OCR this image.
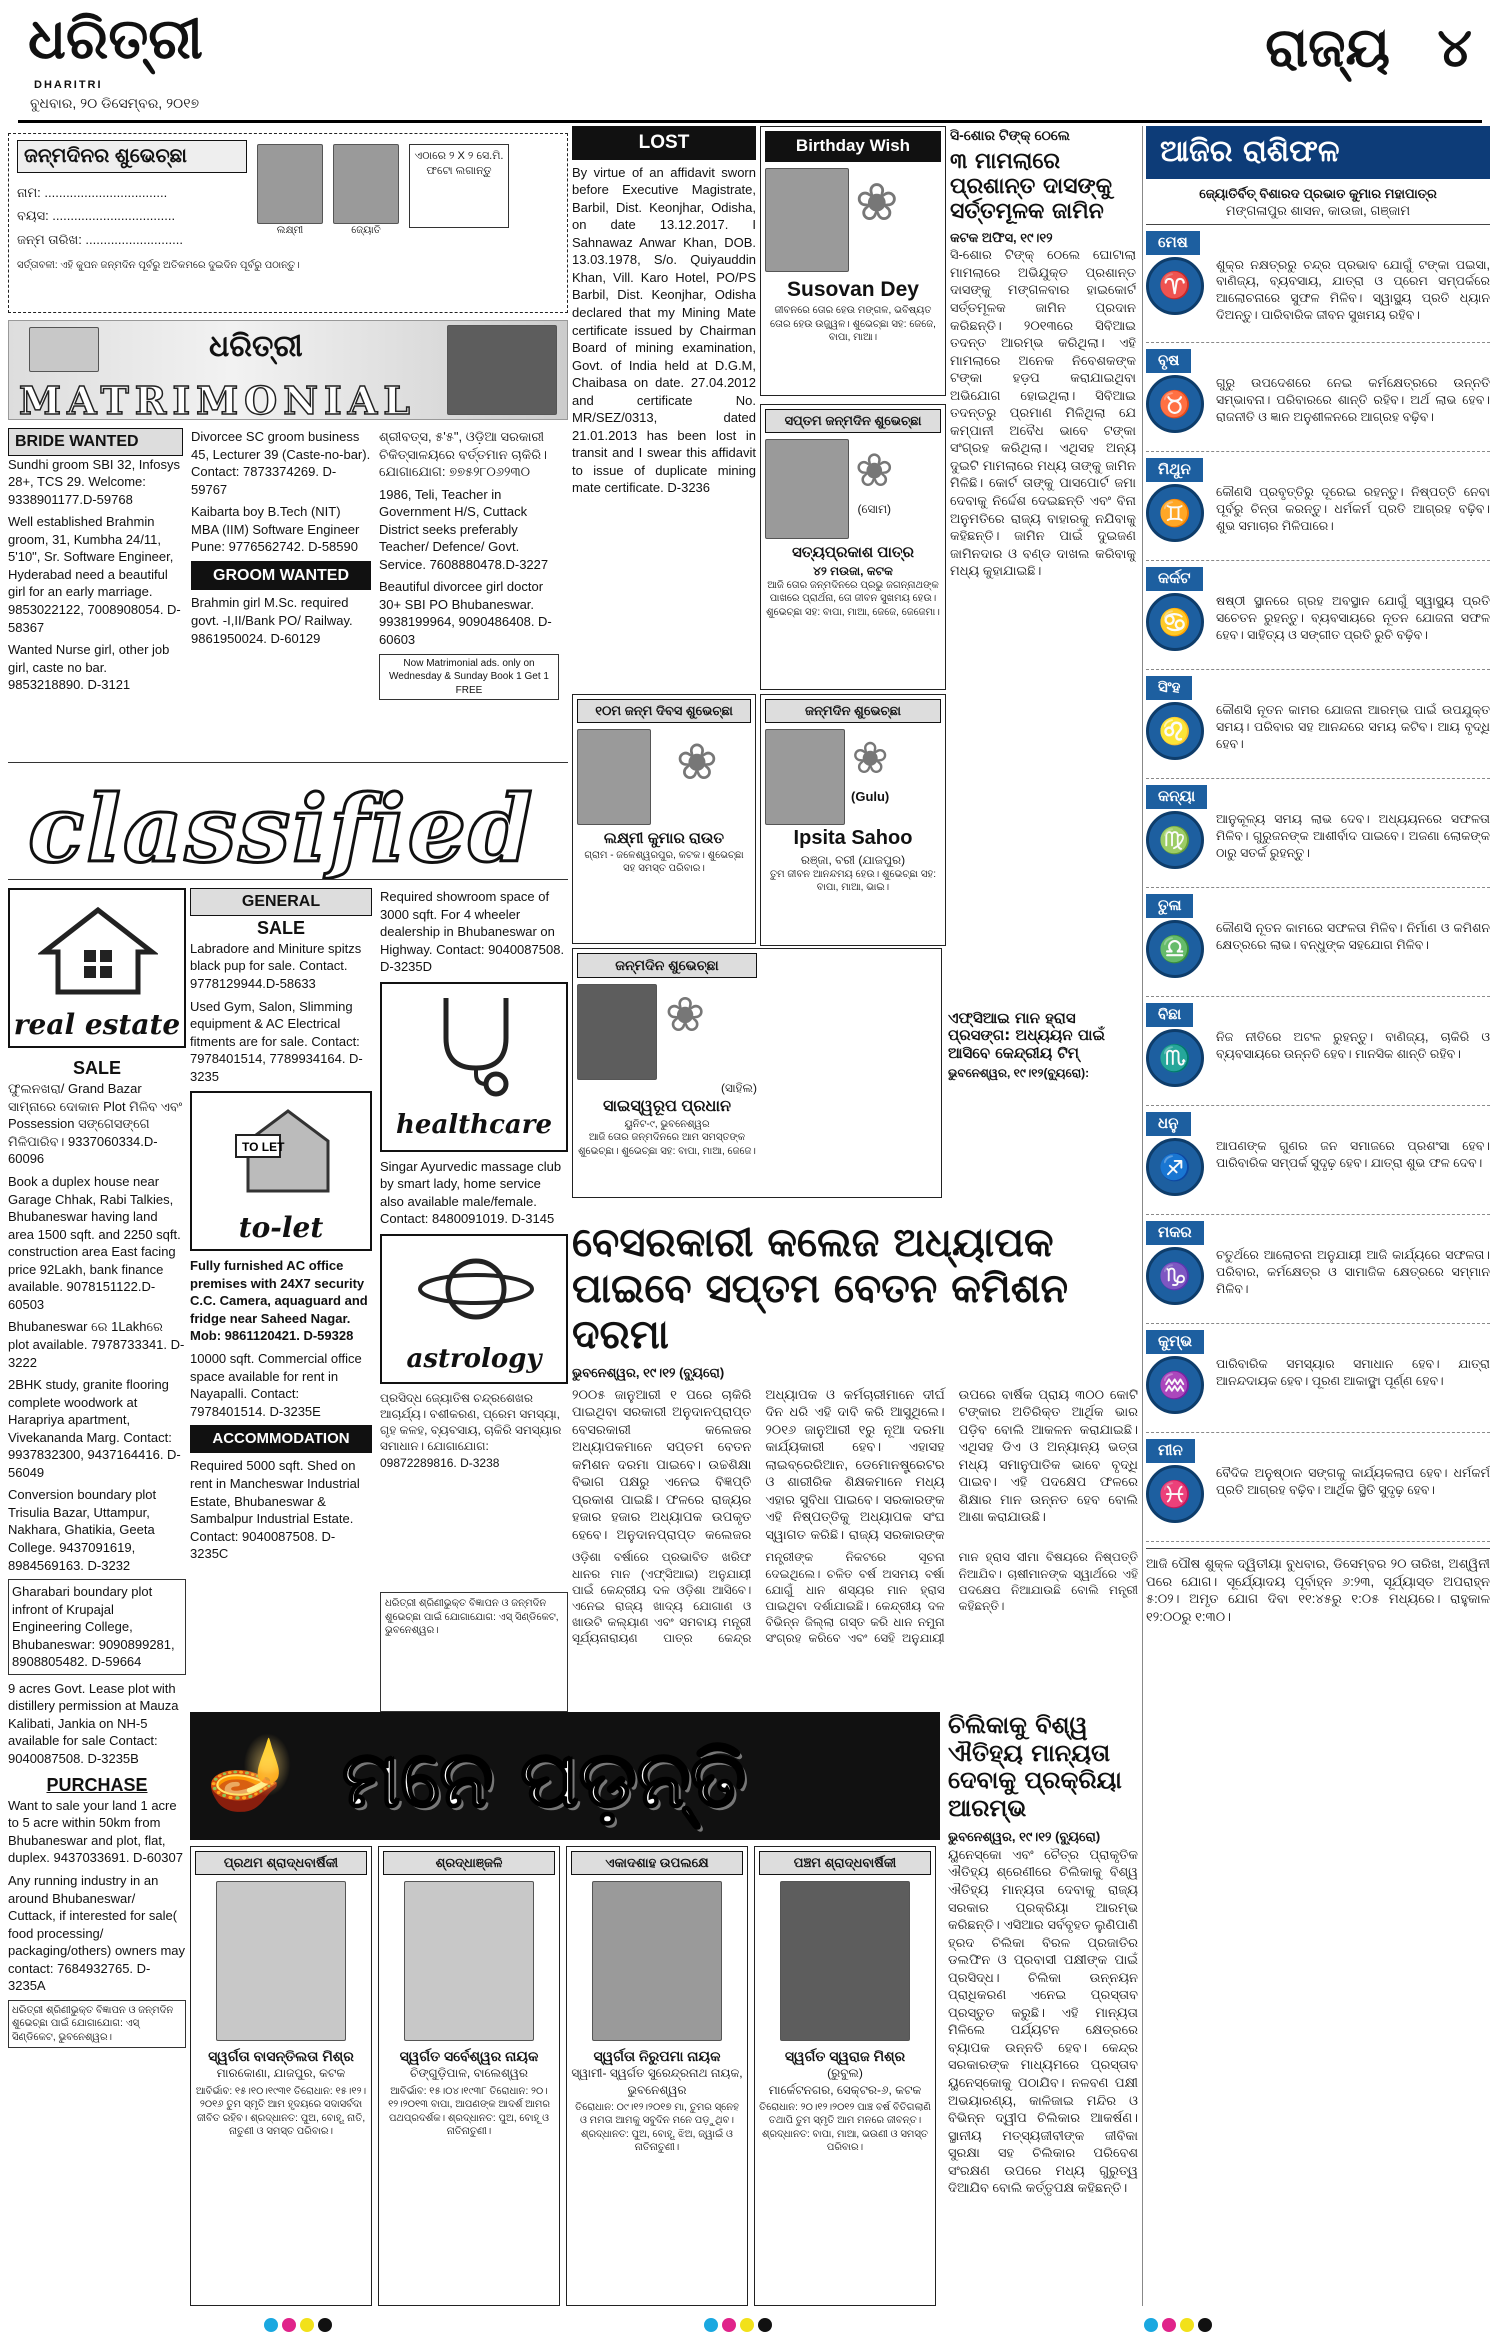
ଧରିତ୍ରୀ
DHARITRI
ବୁଧବାର, ୨୦ ଡିସେମ୍ବର, ୨୦୧୭
ରାଜ୍ୟ ୪
ଜନ୍ମଦିନର ଶୁଭେଚ୍ଛା
ନାମ: ..................................
ବୟସ: ..................................
ଜନ୍ମ ତାରିଖ: ...........................
ଲକ୍ଷ୍ମୀ	ଜ୍ୟୋତି
ଏଠାରେ ୨ X ୨ ସେ.ମି. ଫଟୋ ଲଗାନ୍ତୁ
ସର୍ତ୍ତାବଳୀ: ଏହି କୁପନ ଜନ୍ମଦିନ ପୂର୍ବରୁ ଅତିକମରେ ଦୁଇଦିନ ପୂର୍ବରୁ ପଠାନ୍ତୁ।
ଧରିତ୍ରୀ
MATRIMONIAL
BRIDE WANTED

Sundhi groom SBI 32, Infosys 28+, TCS 29. Welcome: 9338901177.D-59768

Well established Brahmin groom, 31, Kumbha 24/11, 5'10", Sr. Software Engineer, Hyderabad need a beautiful girl for an early marriage. 9853022122, 7008908054. D-58367

Wanted Nurse girl, other job girl, caste no bar. 9853218890. D-3121

Divorcee SC groom business 45, Lecturer 39 (Caste-no-bar). Contact: 7873374269. D-59767

Kaibarta boy B.Tech (NIT) MBA (IIM) Software Engineer Pune: 9776562742. D-58590

GROOM WANTED

Brahmin girl M.Sc. required govt. -I,II/Bank PO/ Railway. 9861950024. D-60129

ଶ୍ରୀବତ୍ସ, ୫'୫", ଓଡ଼ିଆ ସରକାରୀ ଚିକିତ୍ସାଳୟରେ ବର୍ତ୍ତମାନ ଚାକିରି। ଯୋଗାଯୋଗ: ୭୭୫୨୮୦୬୨୩୦

1986, Teli, Teacher in Government H/S, Cuttack District seeks preferably Teacher/ Defence/ Govt. Service. 7608880478.D-3227

Beautiful divorcee girl doctor 30+ SBI PO Bhubaneswar. 9938199964, 9090486408. D-60603

Now Matrimonial ads. only on Wednesday & Sunday Book 1 Get 1 FREE
classified
real estate
SALE

ଫୁଲନଖରା/ Grand Bazar ସାମ୍ନାରେ ଦୋକାନ Plot ମିଳିବ ଏବଂ Possession ସଙ୍ଗେସଙ୍ଗେ ମିଳିପାରିବ। 9337060334.D-60096

Book a duplex house near Garage Chhak, Rabi Talkies, Bhubaneswar having land area 1500 sqft. and 2250 sqft. construction area East facing price 92Lakh, bank finance available. 9078151122.D-60503

Bhubaneswar ରେ 1Lakhରେ plot available. 7978733341. D-3222

2BHK study, granite flooring complete woodwork at Harapriya apartment, Vivekananda Marg. Contact: 9937832300, 9437164416. D-56049

Conversion boundary plot Trisulia Bazar, Uttampur, Nakhara, Ghatikia, Geeta College. 9437091619, 8984569163. D-3232

Gharabari boundary plot infront of Krupajal Engineering College, Bhubaneswar: 9090899281, 8908805482. D-59664

9 acres Govt. Lease plot with distillery permission at Mauza Kalibati, Jankia on NH-5 available for sale Contact: 9040087508. D-3235B

PURCHASE

Want to sale your land 1 acre to 5 acre within 50km from Bhubaneswar and plot, flat, duplex. 9437033691. D-60307

Any running industry in an around Bhubaneswar/ Cuttack, if interested for sale( food processing/ packaging/others) owners may contact: 7684932765. D-3235A

ଧରିତ୍ରୀ ଶ୍ରିଣୀଭୁକ୍ତ ବିଜ୍ଞାପନ ଓ ଜନ୍ମଦିନ ଶୁଭେଚ୍ଛା ପାଇଁ ଯୋଗାଯୋଗ: ଏସ୍ ସିଣ୍ଡିକେଟ, ଭୁବନେଶ୍ୱର।
GENERAL
SALE

Labradore and Miniture spitzs black pup for sale. Contact. 9778129944.D-58633

Used Gym, Salon, Slimming equipment & AC Electrical fitments are for sale. Contact: 7978401514, 7789934164. D-3235

TO LET
to-let

Fully furnished AC office premises with 24X7 security C.C. Camera, aquaguard and fridge near Saheed Nagar. Mob: 9861120421. D-59328

10000 sqft. Commercial office space available for rent in Nayapalli. Contact: 7978401514. D-3235E

ACCOMMODATION

Required 5000 sqft. Shed on rent in Mancheswar Industrial Estate, Bhubaneswar & Sambalpur Industrial Estate. Contact: 9040087508. D-3235C

Required showroom space of 3000 sqft. For 4 wheeler dealership in Bhubaneswar on Highway. Contact: 9040087508. D-3235D

healthcare

Singar Ayurvedic massage club by smart lady, home service also available male/female. Contact: 8480091019. D-3145

astrology

ପ୍ରସିଦ୍ଧ ଜ୍ୟୋତିଷ ଚନ୍ଦ୍ରଶେଖର ଆଚାର୍ଯ୍ୟ। ବଶୀକରଣ, ପ୍ରେମ ସମସ୍ୟା, ଗୃହ କଳହ, ବ୍ୟବସାୟ, ଚାକିରି ସମସ୍ୟାର ସମାଧାନ। ଯୋଗାଯୋଗ: 09872289816. D-3238

ଧରିତ୍ରୀ ଶ୍ରିଣୀଭୁକ୍ତ ବିଜ୍ଞାପନ ଓ ଜନ୍ମଦିନ ଶୁଭେଚ୍ଛା ପାଇଁ ଯୋଗାଯୋଗ: ଏସ୍ ସିଣ୍ଡିକେଟ, ଭୁବନେଶ୍ୱର।
LOST
By virtue of an affidavit sworn before Executive Magistrate, Barbil, Dist. Keonjhar, Odisha, on date 13.12.2017. I Sahnawaz Anwar Khan, DOB. 13.03.1978, S/o. Quiyauddin Khan, Vill. Karo Hotel, PO/PS Barbil, Dist. Keonjhar, Odisha declared that my Mining Mate certificate issued by Chairman Board of mining examination, Govt. of India held at D.G.M, Chaibasa on date. 27.04.2012 and certificate No. MR/SEZ/0313, dated 21.01.2013 has been lost in transit and I swear this affidavit to issue of duplicate mining mate certificate. D-3236
୧୦ମ ଜନ୍ମ ଦିବସ ଶୁଭେଚ୍ଛା
❀
ଲକ୍ଷ୍ମୀ କୁମାର ରାଉତ
ଗ୍ରାମ - ଜଳେଶ୍ୱରପୁର, କଟକ। ଶୁଭେଚ୍ଛା ସହ ସମସ୍ତ ପରିବାର।
ଜନ୍ମଦିନ ଶୁଭେଚ୍ଛା
❀
(ସାହିଲ)
ସାଇସ୍ୱରୂପ ପ୍ରଧାନ
ୟୁନିଟ-୯, ଭୁବନେଶ୍ୱର
ଆଜି ତୋର ଜନ୍ମଦିନରେ ଆମ ସମସ୍ତଙ୍କ ଶୁଭେଚ୍ଛା। ଶୁଭେଚ୍ଛା ସହ: ବାପା, ମାଆ, ଜେଜେ।
Birthday Wish
❀
Susovan Dey
ଜୀବନରେ ତୋର ହେଉ ମଙ୍ଗଳ, ଭବିଷ୍ୟତ ତୋର ହେଉ ଉଜ୍ଜ୍ୱଳ। ଶୁଭେଚ୍ଛା ସହ: ଜେଜେ, ବାପା, ମାଆ।
ସପ୍ତମ ଜନ୍ମଦିନ ଶୁଭେଚ୍ଛା
❀
(ସୋମ)
ସତ୍ୟପ୍ରକାଶ ପାତ୍ର
୪୨ ମଉଜା, କଟକ
ଆଜି ତୋର ଜନ୍ମଦିନରେ ପ୍ରଭୁ ଜଗନ୍ନାଥଙ୍କ ପାଖରେ ପ୍ରାର୍ଥନା, ତୋ ଜୀବନ ସୁଖମୟ ହେଉ। ଶୁଭେଚ୍ଛା ସହ: ବାପା, ମାଆ, ଜେଜେ, ଜେଜେମା।
ଜନ୍ମଦିନ ଶୁଭେଚ୍ଛା
❀
(Gulu)
Ipsita Sahoo
ରଞ୍ଜା, ବରୀ (ଯାଜପୁର)
ତୁମ ଜୀବନ ଆନନ୍ଦମୟ ହେଉ। ଶୁଭେଚ୍ଛା ସହ: ବାପା, ମାଆ, ଭାଇ।
ସି-ଶୋର ଟିଙ୍କ୍ ଠେଲେ
୩ ମାମଲାରେ ପ୍ରଶାନ୍ତ ଦାସଙ୍କୁ ସର୍ତ୍ତମୂଳକ ଜାମିନ
କଟକ ଅଫିସ, ୧୯।୧୨
ସି-ଶୋର ଟିଙ୍କ୍ ଠେଲେ ଘୋଟାଲା ମାମଲାରେ ଅଭିଯୁକ୍ତ ପ୍ରଶାନ୍ତ ଦାସଙ୍କୁ ମଙ୍ଗଳବାର ହାଇକୋର୍ଟ ସର୍ତ୍ତମୂଳକ ଜାମିନ ପ୍ରଦାନ କରିଛନ୍ତି। ୨୦୧୩ରେ ସିବିଆଇ ତଦନ୍ତ ଆରମ୍ଭ କରିଥିଲା। ଏହି ମାମଲାରେ ଅନେକ ନିବେଶକଙ୍କ ଟଙ୍କା ହଡ଼ପ କରାଯାଇଥିବା ଅଭିଯୋଗ ହୋଇଥିଲା। ସିବିଆଇ ତଦନ୍ତରୁ ପ୍ରମାଣ ମିଳିଥିଲା ଯେ କମ୍ପାନୀ ଅବୈଧ ଭାବେ ଟଙ୍କା ସଂଗ୍ରହ କରିଥିଲା। ଏଥିସହ ଅନ୍ୟ ଦୁଇଟି ମାମଲାରେ ମଧ୍ୟ ତାଙ୍କୁ ଜାମିନ ମିଳିଛି। କୋର୍ଟ ତାଙ୍କୁ ପାସପୋର୍ଟ ଜମା ଦେବାକୁ ନିର୍ଦ୍ଦେଶ ଦେଇଛନ୍ତି ଏବଂ ବିନା ଅନୁମତିରେ ରାଜ୍ୟ ବାହାରକୁ ନଯିବାକୁ କହିଛନ୍ତି। ଜାମିନ ପାଇଁ ଦୁଇଜଣ ଜାମିନଦାର ଓ ବଣ୍ଡ ଦାଖଲ କରିବାକୁ ମଧ୍ୟ କୁହାଯାଇଛି।
ଏଫ୍‌ସିଆଇ ମାନ ହ୍ରାସ ପ୍ରସଙ୍ଗ: ଅଧ୍ୟୟନ ପାଇଁ ଆସିବେ କେନ୍ଦ୍ରୀୟ ଟିମ୍
ଭୁବନେଶ୍ୱର, ୧୯।୧୨(ବ୍ୟୁରୋ):
ବେସରକାରୀ କଲେଜ ଅଧ୍ୟାପକ
ପାଇବେ ସପ୍ତମ ବେତନ କମିଶନ ଦରମା
ଭୁବନେଶ୍ୱର, ୧୯।୧୨ (ବ୍ୟୁରୋ)
୨୦୦୫ ଜାନୁଆରୀ ୧ ପରେ ଚାକିରି ପାଇଥିବା ସରକାରୀ ଅନୁଦାନପ୍ରାପ୍ତ ବେସରକାରୀ କଲେଜର ଅଧ୍ୟାପକମାନେ ସପ୍ତମ ବେତନ କମିଶନ ଦରମା ପାଇବେ। ଉଚ୍ଚଶିକ୍ଷା ବିଭାଗ ପକ୍ଷରୁ ଏନେଇ ବିଜ୍ଞପ୍ତି ପ୍ରକାଶ ପାଇଛି। ଫଳରେ ରାଜ୍ୟର ହଜାର ହଜାର ଅଧ୍ୟାପକ ଉପକୃତ ହେବେ। ଅନୁଦାନପ୍ରାପ୍ତ କଲେଜର ଅଧ୍ୟାପକ ଓ କର୍ମଚାରୀମାନେ ଦୀର୍ଘ ଦିନ ଧରି ଏହି ଦାବି କରି ଆସୁଥିଲେ। ୨୦୧୬ ଜାନୁଆରୀ ୧ରୁ ନୂଆ ଦରମା କାର୍ଯ୍ୟକାରୀ ହେବ। ଏହାସହ ଲାଇବ୍ରେରିଆନ, ଡେମୋନଷ୍ଟ୍ରେଟର ଓ ଶାରୀରିକ ଶିକ୍ଷକମାନେ ମଧ୍ୟ ଏହାର ସୁବିଧା ପାଇବେ। ସରକାରଙ୍କ ଏହି ନିଷ୍ପତ୍ତିକୁ ଅଧ୍ୟାପକ ସଂଘ ସ୍ୱାଗତ କରିଛି। ରାଜ୍ୟ ସରକାରଙ୍କ ଉପରେ ବାର୍ଷିକ ପ୍ରାୟ ୩୦୦ କୋଟି ଟଙ୍କାର ଅତିରିକ୍ତ ଆର୍ଥିକ ଭାର ପଡ଼ିବ ବୋଲି ଆକଳନ କରାଯାଇଛି। ଏଥିସହ ଡିଏ ଓ ଅନ୍ୟାନ୍ୟ ଭତ୍ତା ମଧ୍ୟ ସମାନୁପାତିକ ଭାବେ ବୃଦ୍ଧି ପାଇବ। ଏହି ପଦକ୍ଷେପ ଫଳରେ ଶିକ୍ଷାର ମାନ ଉନ୍ନତ ହେବ ବୋଲି ଆଶା କରାଯାଉଛି।
ଓଡ଼ିଶା ବର୍ଷାରେ ପ୍ରଭାବିତ ଖରିଫ ଧାନର ମାନ (ଏଫ୍‌ସିଆଇ) ଅନୁଯାୟୀ ପାଇଁ କେନ୍ଦ୍ରୀୟ ଦଳ ଓଡ଼ିଶା ଆସିବେ। ଏନେଇ ରାଜ୍ୟ ଖାଦ୍ୟ ଯୋଗାଣ ଓ ଖାଉଟି କଲ୍ୟାଣ ଏବଂ ସମବାୟ ମନ୍ତ୍ରୀ ସୂର୍ଯ୍ୟନାରାୟଣ ପାତ୍ର କେନ୍ଦ୍ର ମନ୍ତ୍ରୀଙ୍କ ନିକଟରେ ସୂଚନା ଦେଇଥିଲେ। ଚଳିତ ବର୍ଷ ଅସମୟ ବର୍ଷା ଯୋଗୁଁ ଧାନ ଶସ୍ୟର ମାନ ହ୍ରାସ ପାଇଥିବା ଦର୍ଶାଯାଇଛି। କେନ୍ଦ୍ରୀୟ ଦଳ ବିଭିନ୍ନ ଜିଲ୍ଲା ଗସ୍ତ କରି ଧାନ ନମୁନା ସଂଗ୍ରହ କରିବେ ଏବଂ ସେହି ଅନୁଯାୟୀ ମାନ ହ୍ରାସ ସୀମା ବିଷୟରେ ନିଷ୍ପତ୍ତି ନିଆଯିବ। ଚାଷୀମାନଙ୍କ ସ୍ୱାର୍ଥରେ ଏହି ପଦକ୍ଷେପ ନିଆଯାଉଛି ବୋଲି ମନ୍ତ୍ରୀ କହିଛନ୍ତି।
🪔 ମନେ ପଡ଼ନ୍ତି
ପ୍ରଥମ ଶ୍ରାଦ୍ଧବାର୍ଷିକୀ
ସ୍ୱର୍ଗତା ବାସନ୍ତିଲତା ମିଶ୍ର
ମାରକୋଣା, ଯାଜପୁର, କଟକ
ଆବିର୍ଭାବ: ୧୫।୧୦।୧୯୩୧ ତିରୋଧାନ: ୧୫।୧୨।୨୦୧୬ ତୁମ ସ୍ମୃତି ଆମ ହୃଦୟରେ ସଦାସର୍ବଦା ଜୀବିତ ରହିବ। ଶ୍ରଦ୍ଧାନତ: ପୁଅ, ବୋହୂ, ନାତି, ନାତୁଣୀ ଓ ସମସ୍ତ ପରିବାର।
ଶ୍ରଦ୍ଧାଞ୍ଜଳି
ସ୍ୱର୍ଗତ ସର୍ବେଶ୍ୱର ନାୟକ
ଚିଙ୍ଗୁଡ଼ିପାଳ, ବାଲେଶ୍ୱର
ଆବିର୍ଭାବ: ୧୫।୦୪।୧୯୩୮ ତିରୋଧାନ: ୨୦।୧୨।୨୦୧୩ ବାପା, ଆପଣଙ୍କ ଆଦର୍ଶ ଆମର ପଥପ୍ରଦର୍ଶକ। ଶ୍ରଦ୍ଧାନତ: ପୁଅ, ବୋହୂ ଓ ନାତିନାତୁଣୀ।
ଏକାଦଶାହ ଉପଲକ୍ଷେ
ସ୍ୱର୍ଗତା ନିରୁପମା ନାୟକ
ସ୍ୱାମୀ- ସ୍ୱର୍ଗତ ସୁରେନ୍ଦ୍ରନାଥ ନାୟକ, ଭୁବନେଶ୍ୱର
ତିରୋଧାନ: ୦୯।୧୨।୨୦୧୭ ମା, ତୁମର ସ୍ନେହ ଓ ମମତା ଆମକୁ ସବୁଦିନ ମନେ ପଡ଼ୁଥିବ। ଶ୍ରଦ୍ଧାନତ: ପୁଅ, ବୋହୂ, ଝିଅ, ଜ୍ୱାଇଁ ଓ ନାତିନାତୁଣୀ।
ପଞ୍ଚମ ଶ୍ରାଦ୍ଧବାର୍ଷିକୀ
ସ୍ୱର୍ଗତ ସ୍ୱରାଜ ମିଶ୍ର
(ରୁବୁଲ)
ମାର୍କେଟନଗର, ସେକ୍ଟର-୬, କଟକ
ତିରୋଧାନ: ୨୦।୧୨।୨୦୧୨ ପାଞ୍ଚ ବର୍ଷ ବିତିଗଲାଣି ତଥାପି ତୁମ ସ୍ମୃତି ଆମ ମନରେ ଜୀବନ୍ତ। ଶ୍ରଦ୍ଧାନତ: ବାପା, ମାଆ, ଭଉଣୀ ଓ ସମସ୍ତ ପରିବାର।
ଚିଲିକାକୁ ବିଶ୍ୱ ଐତିହ୍ୟ ମାନ୍ୟତା ଦେବାକୁ ପ୍ରକ୍ରିୟା ଆରମ୍ଭ
ଭୁବନେଶ୍ୱର, ୧୯।୧୨ (ବ୍ୟୁରୋ)
ୟୁନେସ୍କୋ ଏବଂ ଚୈତ୍ର ପ୍ରାକୃତିକ ଐତିହ୍ୟ ଶ୍ରେଣୀରେ ଚିଲିକାକୁ ବିଶ୍ୱ ଐତିହ୍ୟ ମାନ୍ୟତା ଦେବାକୁ ରାଜ୍ୟ ସରକାର ପ୍ରକ୍ରିୟା ଆରମ୍ଭ କରିଛନ୍ତି। ଏସିଆର ସର୍ବବୃହତ ଲୁଣିପାଣି ହ୍ରଦ ଚିଲିକା ବିରଳ ପ୍ରଜାତିର ଡଲଫିନ ଓ ପ୍ରବାସୀ ପକ୍ଷୀଙ୍କ ପାଇଁ ପ୍ରସିଦ୍ଧ। ଚିଲିକା ଉନ୍ନୟନ ପ୍ରାଧିକରଣ ଏନେଇ ପ୍ରସ୍ତାବ ପ୍ରସ୍ତୁତ କରୁଛି। ଏହି ମାନ୍ୟତା ମିଳିଲେ ପର୍ଯ୍ୟଟନ କ୍ଷେତ୍ରରେ ବ୍ୟାପକ ଉନ୍ନତି ହେବ। କେନ୍ଦ୍ର ସରକାରଙ୍କ ମାଧ୍ୟମରେ ପ୍ରସ୍ତାବ ୟୁନେସ୍କୋକୁ ପଠାଯିବ। ନଳବଣ ପକ୍ଷୀ ଅଭୟାରଣ୍ୟ, କାଳିଜାଇ ମନ୍ଦିର ଓ ବିଭିନ୍ନ ଦ୍ୱୀପ ଚିଲିକାର ଆକର୍ଷଣ। ସ୍ଥାନୀୟ ମତ୍ସ୍ୟଜୀବୀଙ୍କ ଜୀବିକା ସୁରକ୍ଷା ସହ ଚିଲିକାର ପରିବେଶ ସଂରକ୍ଷଣ ଉପରେ ମଧ୍ୟ ଗୁରୁତ୍ୱ ଦିଆଯିବ ବୋଲି କର୍ତ୍ତୃପକ୍ଷ କହିଛନ୍ତି।
ଆଜିର ରାଶିଫଳ
ଜ୍ୟୋତିର୍ବିତ୍ ବିଶାରଦ ପ୍ରଭାତ କୁମାର ମହାପାତ୍ର
ମଙ୍ଗଳାପୁର ଶାସନ, କାଉଜା, ଗଞ୍ଜାମ
ମେଷ
♈
ଶୁକ୍ର ନକ୍ଷତ୍ରରୁ ଚନ୍ଦ୍ର ପ୍ରଭାବ ଯୋଗୁଁ ଟଙ୍କା ପଇସା, ବାଣିଜ୍ୟ, ବ୍ୟବସାୟ, ଯାତ୍ରା ଓ ପ୍ରେମ ସମ୍ପର୍କରେ ଆଲୋଚନାରେ ସୁଫଳ ମିଳିବ। ସ୍ୱାସ୍ଥ୍ୟ ପ୍ରତି ଧ୍ୟାନ ଦିଅନ୍ତୁ। ପାରିବାରିକ ଜୀବନ ସୁଖମୟ ରହିବ।
ବୃଷ
♉
ଗୁରୁ ଉପଦେଶରେ ନେଇ କର୍ମକ୍ଷେତ୍ରରେ ଉନ୍ନତି ସମ୍ଭାବନା। ପରିବାରରେ ଶାନ୍ତି ରହିବ। ଅର୍ଥ ଲାଭ ହେବ। ରାଜନୀତି ଓ ଜ୍ଞାନ ଅନୁଶୀଳନରେ ଆଗ୍ରହ ବଢ଼ିବ।
ମିଥୁନ
♊
କୌଣସି ପ୍ରବୃତ୍ତିରୁ ଦୂରେଇ ରହନ୍ତୁ। ନିଷ୍ପତ୍ତି ନେବା ପୂର୍ବରୁ ଚିନ୍ତା କରନ୍ତୁ। ଧର୍ମକର୍ମ ପ୍ରତି ଆଗ୍ରହ ବଢ଼ିବ। ଶୁଭ ସମାଚାର ମିଳିପାରେ।
କର୍କଟ
♋
ଷଷ୍ଠୀ ସ୍ଥାନରେ ଗ୍ରହ ଅବସ୍ଥାନ ଯୋଗୁଁ ସ୍ୱାସ୍ଥ୍ୟ ପ୍ରତି ସଚେତନ ରୁହନ୍ତୁ। ବ୍ୟବସାୟରେ ନୂତନ ଯୋଜନା ସଫଳ ହେବ। ସାହିତ୍ୟ ଓ ସଙ୍ଗୀତ ପ୍ରତି ରୁଚି ବଢ଼ିବ।
ସିଂହ
♌
କୌଣସି ନୂତନ କାମର ଯୋଜନା ଆରମ୍ଭ ପାଇଁ ଉପଯୁକ୍ତ ସମୟ। ପରିବାର ସହ ଆନନ୍ଦରେ ସମୟ କଟିବ। ଆୟ ବୃଦ୍ଧି ହେବ।
କନ୍ୟା
♍
ଆନୁକୂଳ୍ୟ ସମୟ ଲାଭ ଦେବ। ଅଧ୍ୟୟନରେ ସଫଳତା ମିଳିବ। ଗୁରୁଜନଙ୍କ ଆଶୀର୍ବାଦ ପାଇବେ। ଅଜଣା ଲୋକଙ୍କ ଠାରୁ ସତର୍କ ରୁହନ୍ତୁ।
ତୁଳା
♎
କୌଣସି ନୂତନ କାମରେ ସଫଳତା ମିଳିବ। ନିର୍ମାଣ ଓ କମିଶନ କ୍ଷେତ୍ରରେ ଲାଭ। ବନ୍ଧୁଙ୍କ ସହଯୋଗ ମିଳିବ।
ବିଛା
♏
ନିଜ ନୀତିରେ ଅଟଳ ରୁହନ୍ତୁ। ବାଣିଜ୍ୟ, ଚାକିରି ଓ ବ୍ୟବସାୟରେ ଉନ୍ନତି ହେବ। ମାନସିକ ଶାନ୍ତି ରହିବ।
ଧନୁ
♐
ଆପଣଙ୍କ ଗୁଣର ଜନ ସମାଜରେ ପ୍ରଶଂସା ହେବ। ପାରିବାରିକ ସମ୍ପର୍କ ସୁଦୃଢ଼ ହେବ। ଯାତ୍ରା ଶୁଭ ଫଳ ଦେବ।
ମକର
♑
ଚତୁର୍ଥରେ ଆଲୋଚନା ଅନୁଯାୟୀ ଆଜି କାର୍ଯ୍ୟରେ ସଫଳତା। ପରିବାର, କର୍ମକ୍ଷେତ୍ର ଓ ସାମାଜିକ କ୍ଷେତ୍ରରେ ସମ୍ମାନ ମିଳିବ।
କୁମ୍ଭ
♒
ପାରିବାରିକ ସମସ୍ୟାର ସମାଧାନ ହେବ। ଯାତ୍ରା ଆନନ୍ଦଦାୟକ ହେବ। ପୂରଣ ଆକାଙ୍କ୍ଷା ପୂର୍ଣ୍ଣ ହେବ।
ମୀନ
♓
ବୈଦିକ ଅନୁଷ୍ଠାନ ସଙ୍ଗକୁ କାର୍ଯ୍ୟକଲାପ ହେବ। ଧର୍ମକର୍ମ ପ୍ରତି ଆଗ୍ରହ ବଢ଼ିବ। ଆର୍ଥିକ ସ୍ଥିତି ସୁଦୃଢ଼ ହେବ।
ଆଜି ପୌଷ ଶୁକ୍ଳ ଦ୍ୱିତୀୟା ବୁଧବାର, ଡିସେମ୍ବର ୨୦ ତାରିଖ, ଅଶ୍ୱିନୀ ପରେ ଯୋଗ। ସୂର୍ଯ୍ୟୋଦୟ ପୂର୍ବାହ୍ନ ୬:୨୩, ସୂର୍ଯ୍ୟାସ୍ତ ଅପରାହ୍ନ ୫:୦୨। ଅମୃତ ଯୋଗ ଦିବା ୧୧:୪୫ରୁ ୧:୦୫ ମଧ୍ୟରେ। ରାହୁକାଳ ୧୨:୦୦ରୁ ୧:୩୦।
